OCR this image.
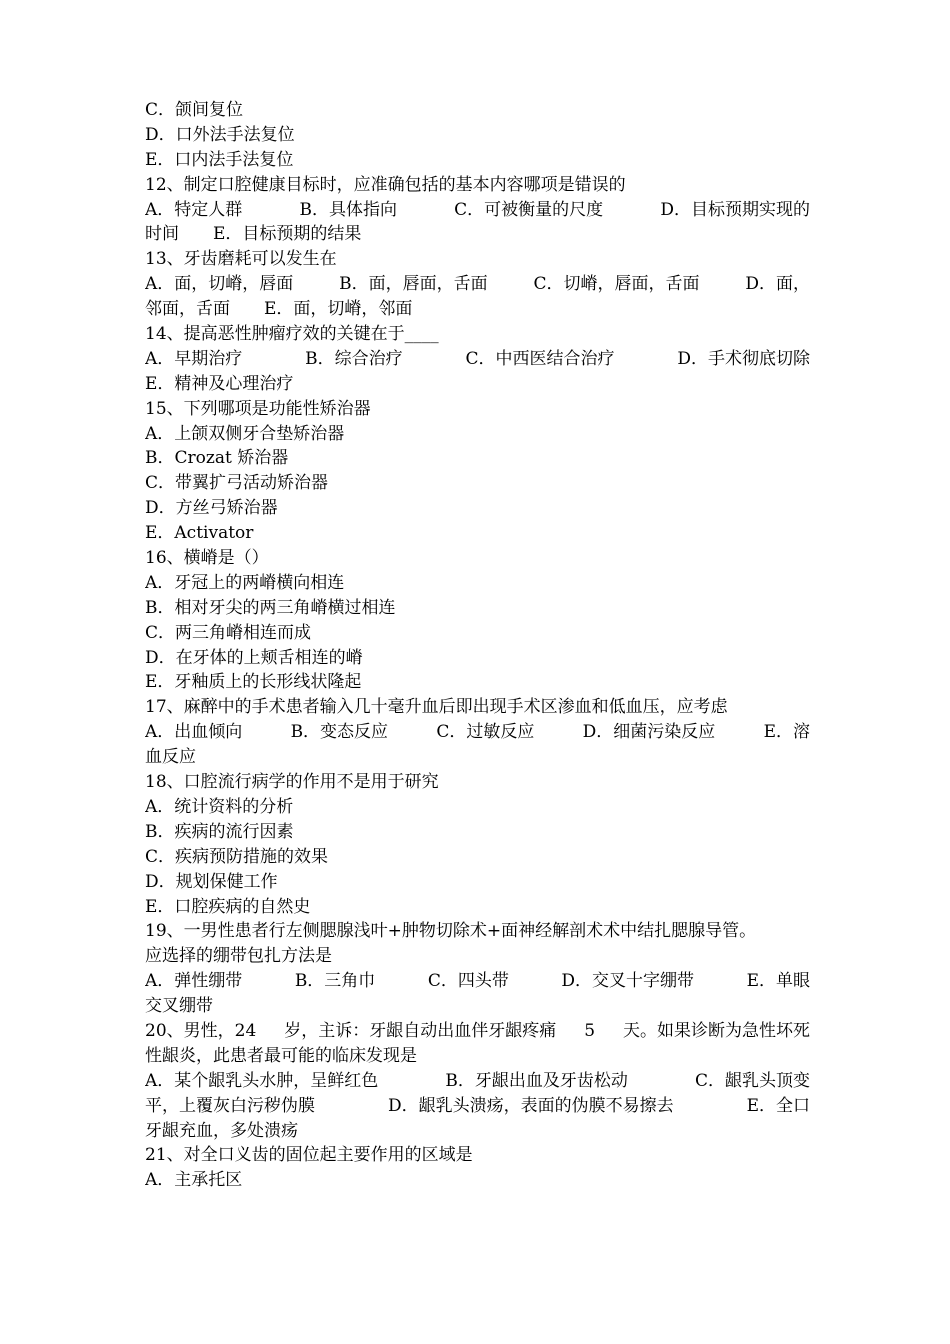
C．颌间复位
D．口外法手法复位
E．口内法手法复位
12、制定口腔健康目标时，应准确包括的基本内容哪项是错误的
A．特定人群	B．具体指向	C．可被衡量的尺度	D．目标预期实现的
时间　　E．目标预期的结果
13、牙齿磨耗可以发生在
A．面，切嵴，唇面	B．面，唇面，舌面	C．切嵴，唇面，舌面	D．面，
邻面，舌面　　E．面，切嵴，邻面
14、提高恶性肿瘤疗效的关键在于____
A．早期治疗	B．综合治疗	C．中西医结合治疗	D．手术彻底切除
E．精神及心理治疗
15、下列哪项是功能性矫治器
A．上颌双侧牙合垫矫治器
B．Crozat 矫治器
C．带翼扩弓活动矫治器
D．方丝弓矫治器
E．Activator
16、横嵴是（）
A．牙冠上的两嵴横向相连
B．相对牙尖的两三角嵴横过相连
C．两三角嵴相连而成
D．在牙体的上颊舌相连的嵴
E．牙釉质上的长形线状隆起
17、麻醉中的手术患者输入几十毫升血后即出现手术区渗血和低血压，应考虑
A．出血倾向	B．变态反应	C．过敏反应	D．细菌污染反应	E．溶
血反应
18、口腔流行病学的作用不是用于研究
A．统计资料的分析
B．疾病的流行因素
C．疾病预防措施的效果
D．规划保健工作
E．口腔疾病的自然史
19、一男性患者行左侧腮腺浅叶+肿物切除术+面神经解剖术术中结扎腮腺导管。
应选择的绷带包扎方法是
A．弹性绷带	B．三角巾	C．四头带	D．交叉十字绷带	E．单眼
交叉绷带
20、男性，24 岁，主诉：牙龈自动出血伴牙龈疼痛 5 天。如果诊断为急性坏死
性龈炎，此患者最可能的临床发现是
A．某个龈乳头水肿，呈鲜红色	B．牙龈出血及牙齿松动	C．龈乳头顶变
平，上覆灰白污秽伪膜	D．龈乳头溃疡，表面的伪膜不易擦去	E．全口
牙龈充血，多处溃疡
21、对全口义齿的固位起主要作用的区域是
A．主承托区
